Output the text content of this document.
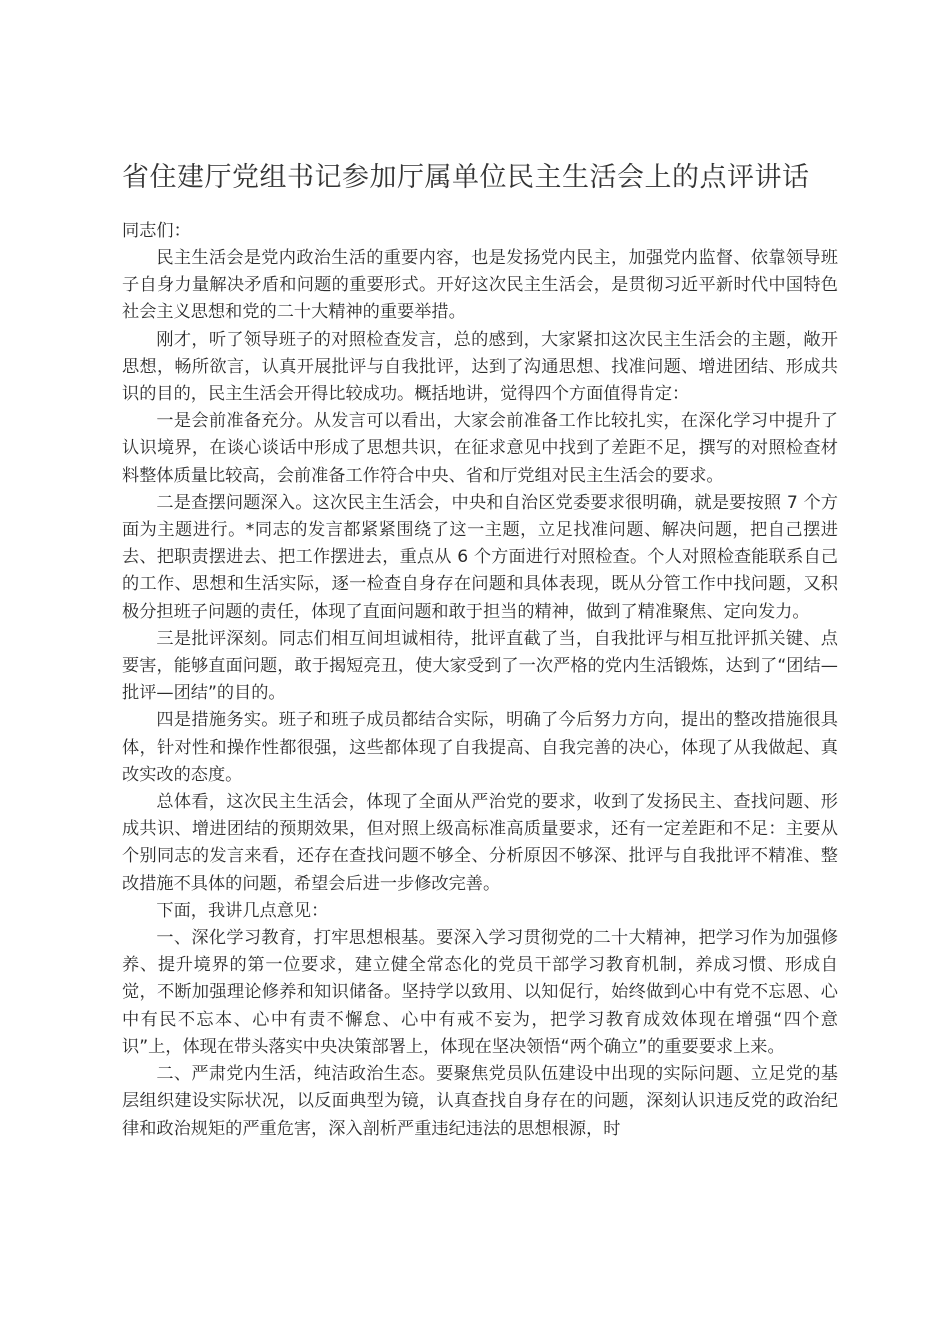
省住建厅党组书记参加厅属单位民主生活会上的点评讲话

同志们：

民主生活会是党内政治生活的重要内容，也是发扬党内民主，加强党内监督、依靠领导班子自身力量解决矛盾和问题的重要形式。开好这次民主生活会，是贯彻习近平新时代中国特色社会主义思想和党的二十大精神的重要举措。

刚才，听了领导班子的对照检查发言，总的感到，大家紧扣这次民主生活会的主题，敞开思想，畅所欲言，认真开展批评与自我批评，达到了沟通思想、找准问题、增进团结、形成共识的目的，民主生活会开得比较成功。概括地讲，觉得四个方面值得肯定：

一是会前准备充分。从发言可以看出，大家会前准备工作比较扎实，在深化学习中提升了认识境界，在谈心谈话中形成了思想共识，在征求意见中找到了差距不足，撰写的对照检查材料整体质量比较高，会前准备工作符合中央、省和厅党组对民主生活会的要求。

二是查摆问题深入。这次民主生活会，中央和自治区党委要求很明确，就是要按照 7 个方面为主题进行。*同志的发言都紧紧围绕了这一主题，立足找准问题、解决问题，把自己摆进去、把职责摆进去、把工作摆进去，重点从 6 个方面进行对照检查。个人对照检查能联系自己的工作、思想和生活实际，逐一检查自身存在问题和具体表现，既从分管工作中找问题，又积极分担班子问题的责任，体现了直面问题和敢于担当的精神，做到了精准聚焦、定向发力。

三是批评深刻。同志们相互间坦诚相待，批评直截了当，自我批评与相互批评抓关键、点要害，能够直面问题，敢于揭短亮丑，使大家受到了一次严格的党内生活锻炼，达到了“团结—批评—团结”的目的。

四是措施务实。班子和班子成员都结合实际，明确了今后努力方向，提出的整改措施很具体，针对性和操作性都很强，这些都体现了自我提高、自我完善的决心，体现了从我做起、真改实改的态度。

总体看，这次民主生活会，体现了全面从严治党的要求，收到了发扬民主、查找问题、形成共识、增进团结的预期效果，但对照上级高标准高质量要求，还有一定差距和不足：主要从个别同志的发言来看，还存在查找问题不够全、分析原因不够深、批评与自我批评不精准、整改措施不具体的问题，希望会后进一步修改完善。

下面，我讲几点意见：

一、深化学习教育，打牢思想根基。要深入学习贯彻党的二十大精神，把学习作为加强修养、提升境界的第一位要求，建立健全常态化的党员干部学习教育机制，养成习惯、形成自觉，不断加强理论修养和知识储备。坚持学以致用、以知促行，始终做到心中有党不忘恩、心中有民不忘本、心中有责不懈怠、心中有戒不妄为，把学习教育成效体现在增强“四个意识”上，体现在带头落实中央决策部署上，体现在坚决领悟“两个确立”的重要要求上来。

二、严肃党内生活，纯洁政治生态。要聚焦党员队伍建设中出现的实际问题、立足党的基层组织建设实际状况，以反面典型为镜，认真查找自身存在的问题，深刻认识违反党的政治纪律和政治规矩的严重危害，深入剖析严重违纪违法的思想根源，时
